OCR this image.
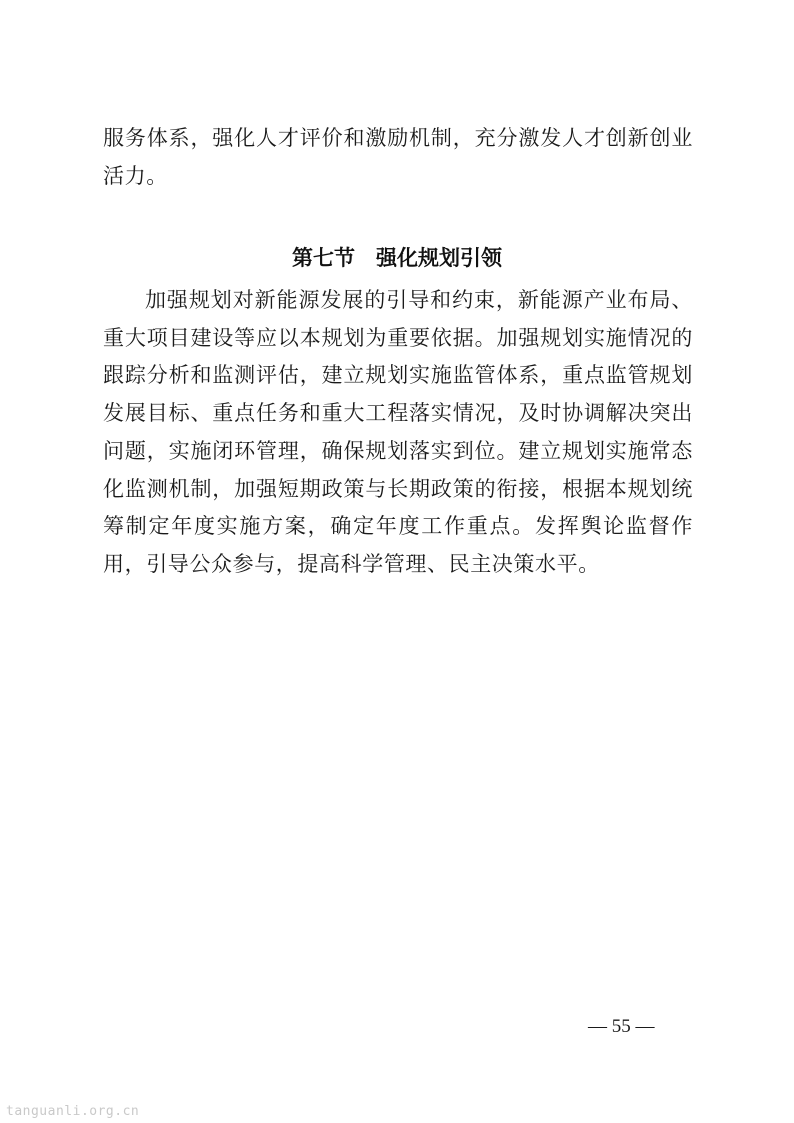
服务体系，强化人才评价和激励机制，充分激发人才创新创业活力。

第七节　强化规划引领

加强规划对新能源发展的引导和约束，新能源产业布局、重大项目建设等应以本规划为重要依据。加强规划实施情况的跟踪分析和监测评估，建立规划实施监管体系，重点监管规划发展目标、重点任务和重大工程落实情况，及时协调解决突出问题，实施闭环管理，确保规划落实到位。建立规划实施常态化监测机制，加强短期政策与长期政策的衔接，根据本规划统筹制定年度实施方案，确定年度工作重点。发挥舆论监督作用，引导公众参与，提高科学管理、民主决策水平。

— 55 —
tanguanli.org.cn
